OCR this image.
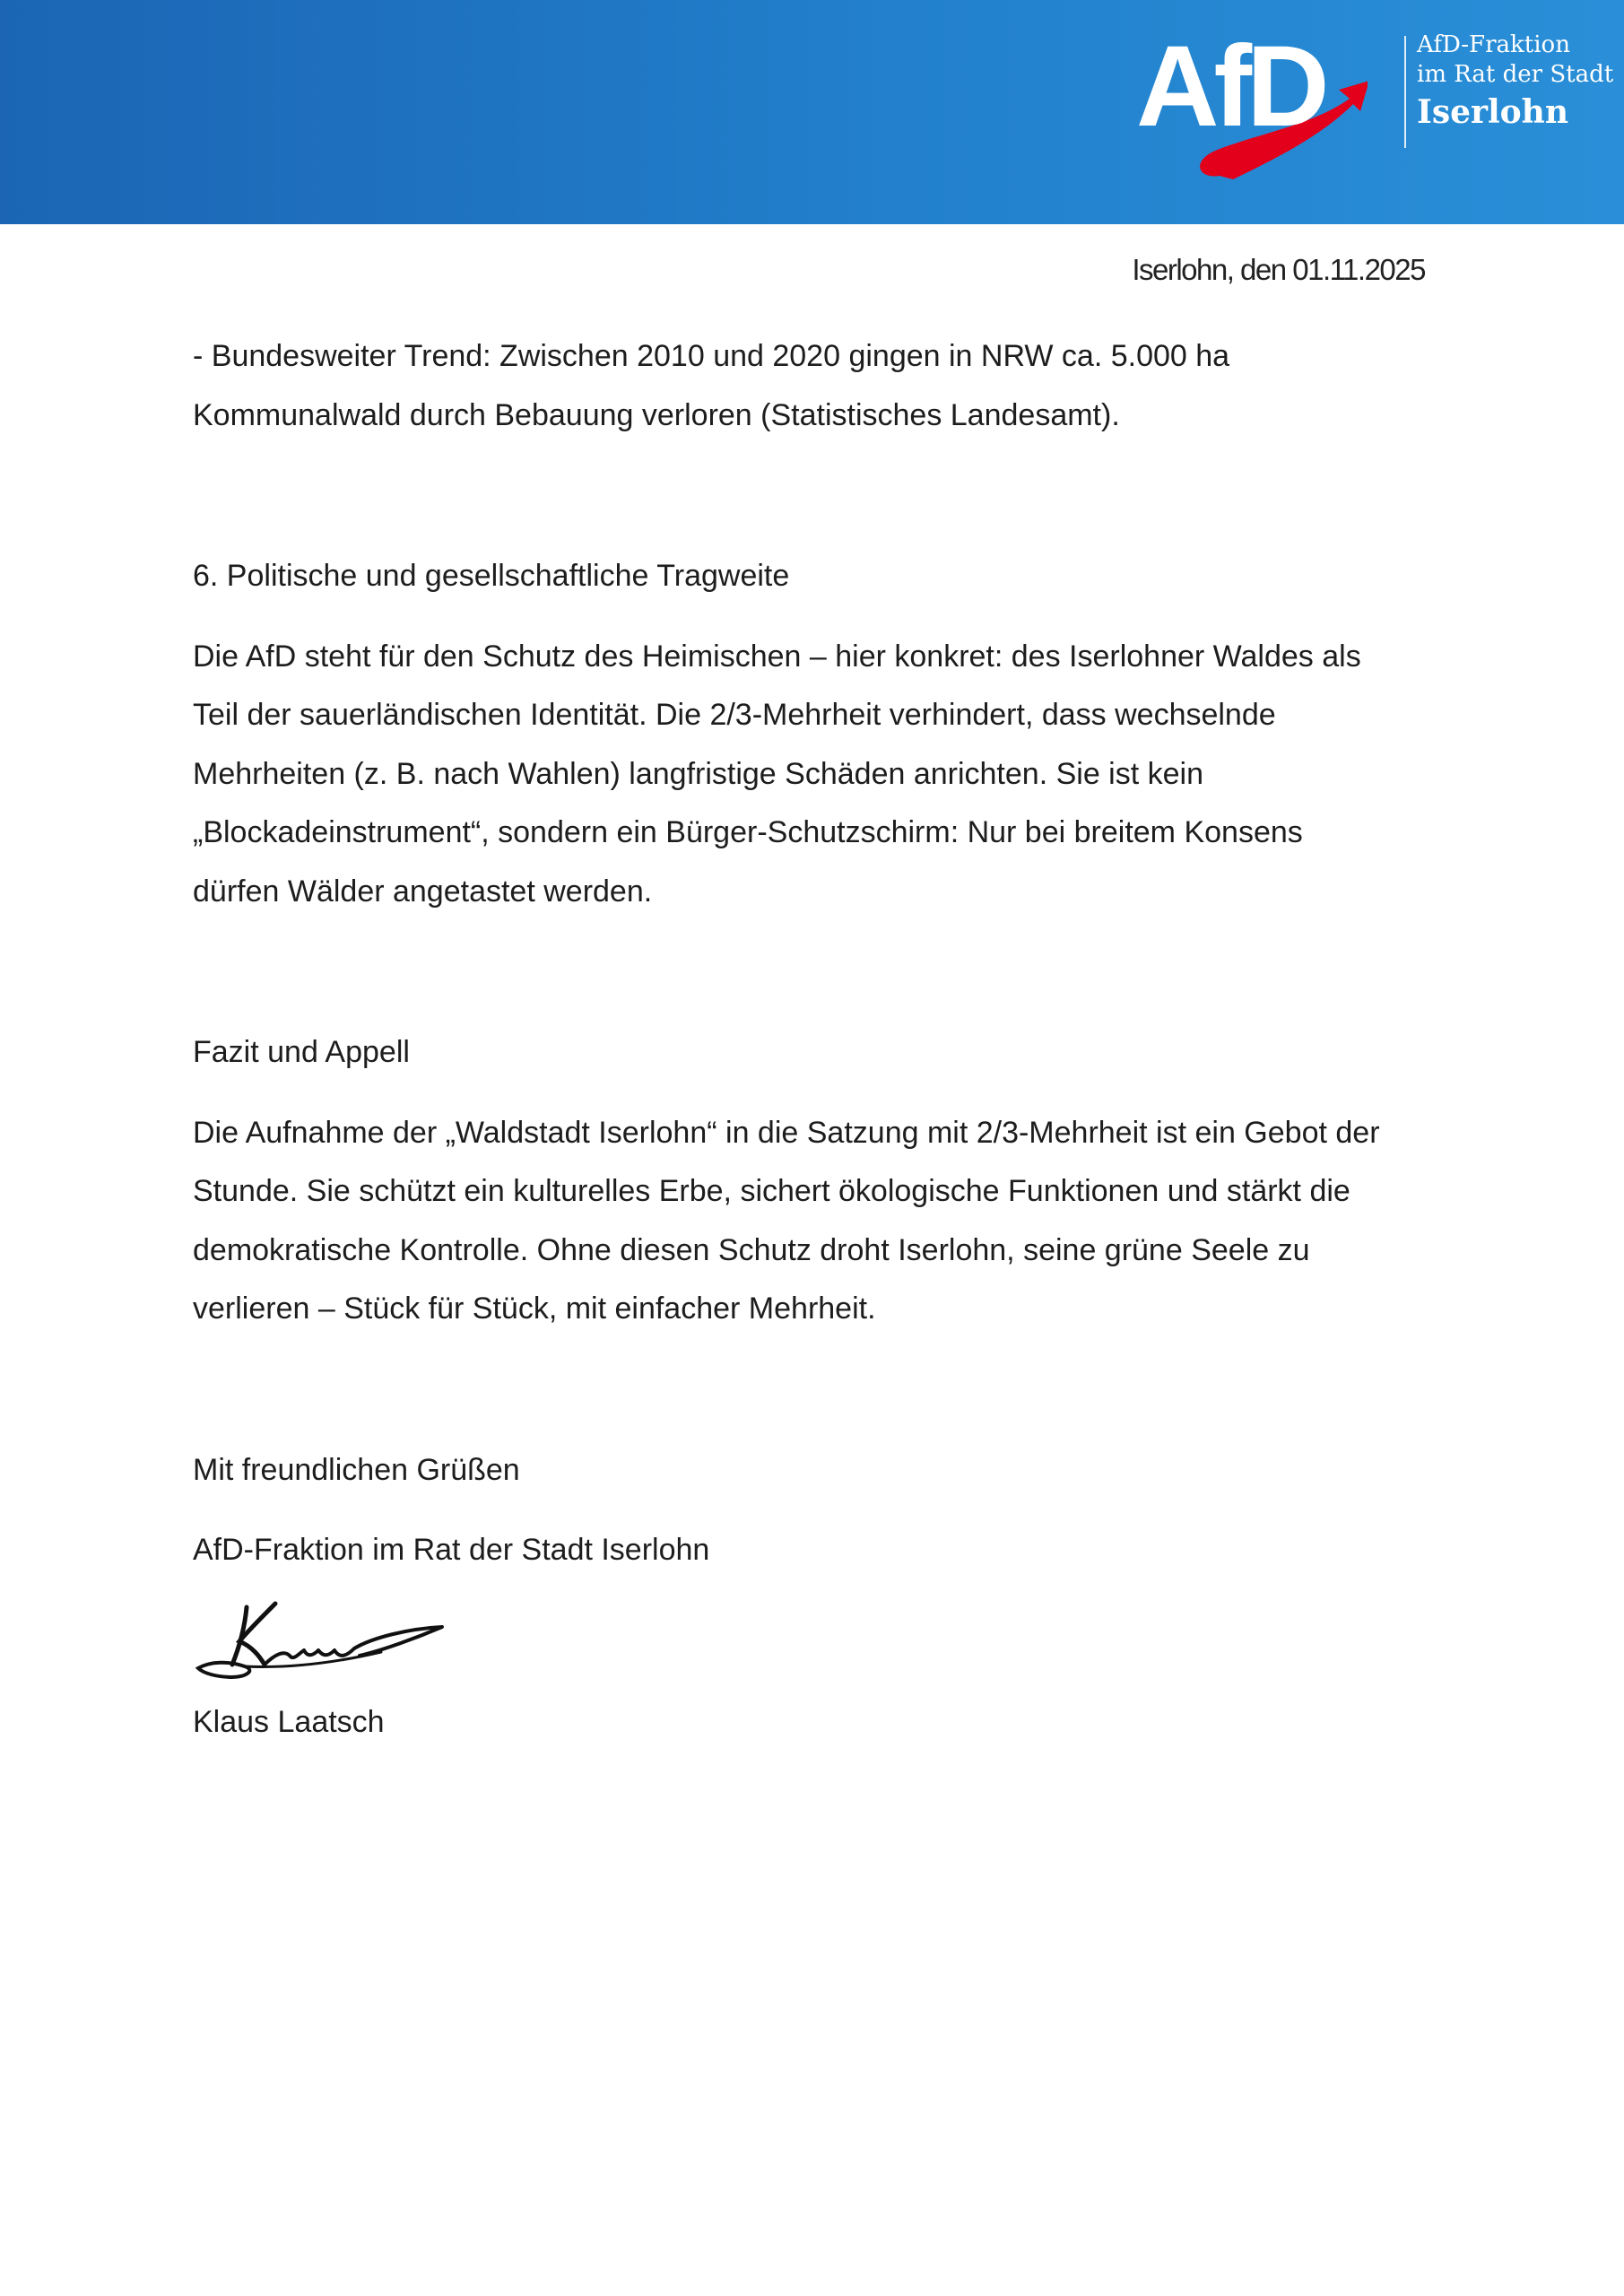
AfD	AfD-Fraktion
im Rat der Stadt
Iserlohn
Iserlohn, den 01.11.2025

- Bundesweiter Trend: Zwischen 2010 und 2020 gingen in NRW ca. 5.000 ha

Kommunalwald durch Bebauung verloren (Statistisches Landesamt).

6. Politische und gesellschaftliche Tragweite

Die AfD steht für den Schutz des Heimischen – hier konkret: des Iserlohner Waldes als

Teil der sauerländischen Identität. Die 2/3-Mehrheit verhindert, dass wechselnde

Mehrheiten (z. B. nach Wahlen) langfristige Schäden anrichten. Sie ist kein

„Blockadeinstrument“, sondern ein Bürger-Schutzschirm: Nur bei breitem Konsens

dürfen Wälder angetastet werden.

Fazit und Appell

Die Aufnahme der „Waldstadt Iserlohn“ in die Satzung mit 2/3-Mehrheit ist ein Gebot der

Stunde. Sie schützt ein kulturelles Erbe, sichert ökologische Funktionen und stärkt die

demokratische Kontrolle. Ohne diesen Schutz droht Iserlohn, seine grüne Seele zu

verlieren – Stück für Stück, mit einfacher Mehrheit.

Mit freundlichen Grüßen

AfD-Fraktion im Rat der Stadt Iserlohn

Klaus Laatsch
